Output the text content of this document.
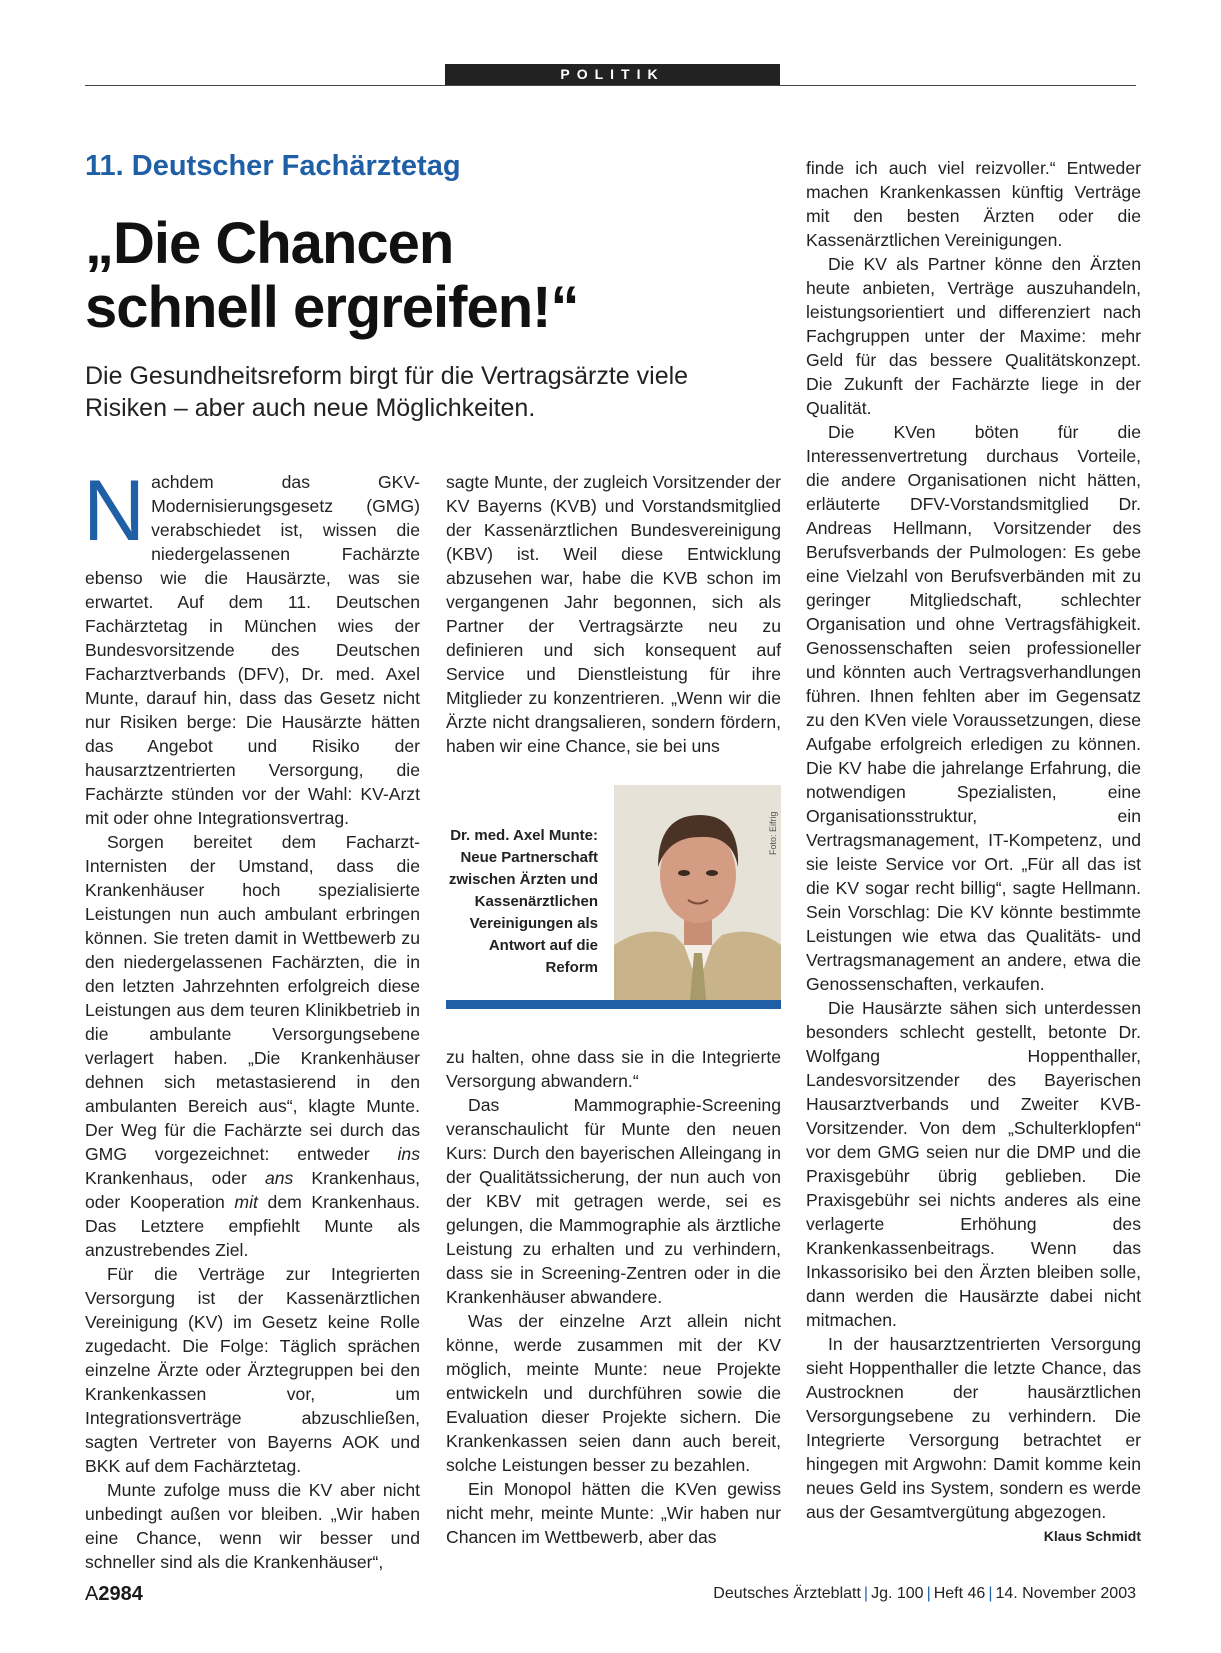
POLITIK
11. Deutscher Fachärztetag
„Die Chancen
schnell ergreifen!“
Die Gesundheitsreform birgt für die Vertragsärzte viele Risiken – aber auch neue Möglichkeiten.

Nachdem das GKV-Modernisierungsgesetz (GMG) verabschiedet ist, wissen die niedergelassenen Fachärzte ebenso wie die Hausärzte, was sie erwartet. Auf dem 11. Deutschen Fachärztetag in München wies der Bundesvorsitzende des Deutschen Facharztverbands (DFV), Dr. med. Axel Munte, darauf hin, dass das Gesetz nicht nur Risiken berge: Die Hausärzte hätten das Angebot und Risiko der hausarztzentrierten Versorgung, die Fachärzte stünden vor der Wahl: KV-Arzt mit oder ohne Integrationsvertrag.

Sorgen bereitet dem Facharzt-Internisten der Umstand, dass die Krankenhäuser hoch spezialisierte Leistungen nun auch ambulant erbringen können. Sie treten damit in Wettbewerb zu den niedergelassenen Fachärzten, die in den letzten Jahrzehnten erfolgreich diese Leistungen aus dem teuren Klinikbetrieb in die ambulante Versorgungsebene verlagert haben. „Die Krankenhäuser dehnen sich metastasierend in den ambulanten Bereich aus“, klagte Munte. Der Weg für die Fachärzte sei durch das GMG vorgezeichnet: entweder ins Krankenhaus, oder ans Krankenhaus, oder Kooperation mit dem Krankenhaus. Das Letztere empfiehlt Munte als anzustrebendes Ziel.

Für die Verträge zur Integrierten Versorgung ist der Kassenärztlichen Vereinigung (KV) im Gesetz keine Rolle zugedacht. Die Folge: Täglich sprächen einzelne Ärzte oder Ärztegruppen bei den Krankenkassen vor, um Integrationsverträge abzuschließen, sagten Vertreter von Bayerns AOK und BKK auf dem Fachärztetag.

Munte zufolge muss die KV aber nicht unbedingt außen vor bleiben. „Wir haben eine Chance, wenn wir besser und schneller sind als die Krankenhäuser“,

sagte Munte, der zugleich Vorsitzender der KV Bayerns (KVB) und Vorstandsmitglied der Kassenärztlichen Bundesvereinigung (KBV) ist. Weil diese Entwicklung abzusehen war, habe die KVB schon im vergangenen Jahr begonnen, sich als Partner der Vertragsärzte neu zu definieren und sich konsequent auf Service und Dienstleistung für ihre Mitglieder zu konzentrieren. „Wenn wir die Ärzte nicht drangsalieren, sondern fördern, haben wir eine Chance, sie bei uns

Dr. med. Axel Munte: Neue Partnerschaft zwischen Ärzten und Kassenärztlichen Vereinigungen als Antwort auf die Reform
Foto: Eifrig

zu halten, ohne dass sie in die Integrierte Versorgung abwandern.“

Das Mammographie-Screening veranschaulicht für Munte den neuen Kurs: Durch den bayerischen Alleingang in der Qualitätssicherung, der nun auch von der KBV mit getragen werde, sei es gelungen, die Mammographie als ärztliche Leistung zu erhalten und zu verhindern, dass sie in Screening-Zentren oder in die Krankenhäuser abwandere.

Was der einzelne Arzt allein nicht könne, werde zusammen mit der KV möglich, meinte Munte: neue Projekte entwickeln und durchführen sowie die Evaluation dieser Projekte sichern. Die Krankenkassen seien dann auch bereit, solche Leistungen besser zu bezahlen.

Ein Monopol hätten die KVen gewiss nicht mehr, meinte Munte: „Wir haben nur Chancen im Wettbewerb, aber das

finde ich auch viel reizvoller.“ Entweder machen Krankenkassen künftig Verträge mit den besten Ärzten oder die Kassenärztlichen Vereinigungen.

Die KV als Partner könne den Ärzten heute anbieten, Verträge auszuhandeln, leistungsorientiert und differenziert nach Fachgruppen unter der Maxime: mehr Geld für das bessere Qualitätskonzept. Die Zukunft der Fachärzte liege in der Qualität.

Die KVen böten für die Interessenvertretung durchaus Vorteile, die andere Organisationen nicht hätten, erläuterte DFV-Vorstandsmitglied Dr. Andreas Hellmann, Vorsitzender des Berufsverbands der Pulmologen: Es gebe eine Vielzahl von Berufsverbänden mit zu geringer Mitgliedschaft, schlechter Organisation und ohne Vertragsfähigkeit. Genossenschaften seien professioneller und könnten auch Vertragsverhandlungen führen. Ihnen fehlten aber im Gegensatz zu den KVen viele Voraussetzungen, diese Aufgabe erfolgreich erledigen zu können. Die KV habe die jahrelange Erfahrung, die notwendigen Spezialisten, eine Organisationsstruktur, ein Vertragsmanagement, IT-Kompetenz, und sie leiste Service vor Ort. „Für all das ist die KV sogar recht billig“, sagte Hellmann. Sein Vorschlag: Die KV könnte bestimmte Leistungen wie etwa das Qualitäts- und Vertragsmanagement an andere, etwa die Genossenschaften, verkaufen.

Die Hausärzte sähen sich unterdessen besonders schlecht gestellt, betonte Dr. Wolfgang Hoppenthaller, Landesvorsitzender des Bayerischen Hausarztverbands und Zweiter KVB-Vorsitzender. Von dem „Schulterklopfen“ vor dem GMG seien nur die DMP und die Praxisgebühr übrig geblieben. Die Praxisgebühr sei nichts anderes als eine verlagerte Erhöhung des Krankenkassenbeitrags. Wenn das Inkassorisiko bei den Ärzten bleiben solle, dann werden die Hausärzte dabei nicht mitmachen.

In der hausarztzentrierten Versorgung sieht Hoppenthaller die letzte Chance, das Austrocknen der hausärztlichen Versorgungsebene zu verhindern. Die Integrierte Versorgung betrachtet er hingegen mit Argwohn: Damit komme kein neues Geld ins System, sondern es werde aus der Gesamtvergütung abgezogen.
Klaus Schmidt

A2984	Deutsches Ärzteblatt | Jg. 100 | Heft 46 | 14. November 2003
